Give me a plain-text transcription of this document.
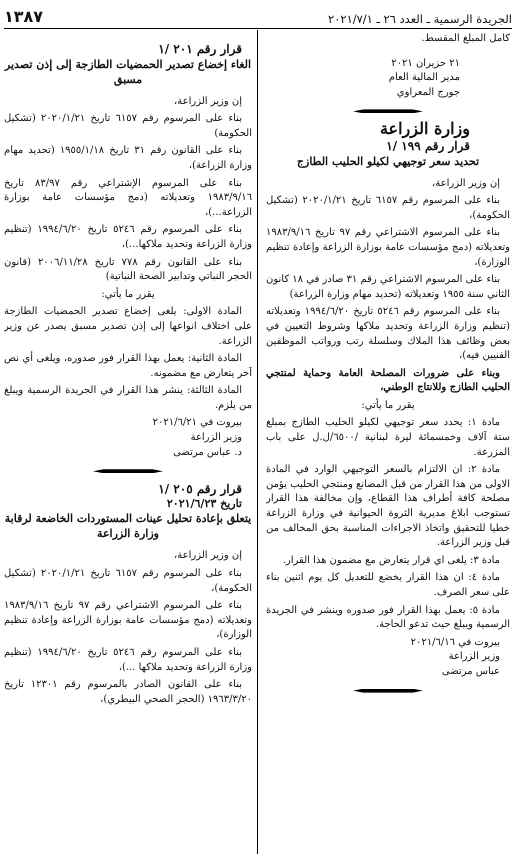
الجريدة الرسمية ـ العدد ٢٦ ـ ٢٠٢١/٧/١
١٣٨٧

كامل المبلغ المقسط.

٢١ حزيران ٢٠٢١
مدير المالية العام
جورج المعراوي
وزارة الزراعة
قرار رقم ١٩٩ /١
تحديد سعر توجيهي لكيلو الحليب الطازج

إن وزير الزراعة،

بناء على المرسوم رقم ٦١٥٧ تاريخ ٢٠٢٠/١/٢١ (تشكيل الحكومة)،

بناء على المرسوم الاشتراعي رقم ٩٧ تاريخ ١٩٨٣/٩/١٦ وتعديلاته (دمج مؤسسات عامة بوزارة الزراعة وإعادة تنظيم الوزارة)،

بناء على المرسوم الاشتراعي رقم ٣١ صادر في ١٨ كانون الثاني سنة ١٩٥٥ وتعديلاته (تحديد مهام وزارة الزراعة)

بناء على المرسوم رقم ٥٢٤٦ تاريخ ١٩٩٤/٦/٢٠ وتعديلاته (تنظيم وزارة الزراعة وتحديد ملاكها وشروط التعيين في بعض وظائف هذا الملاك وسلسلة رتب ورواتب الموظفين الفنيين فيه)،

وبناء على ضرورات المصلحة العامة وحماية لمنتجي الحليب الطازج وللانتاج الوطني،

يقرر ما يأتي:

مادة ١: يحدد سعر توجيهي لكيلو الحليب الطازج بمبلغ ستة آلاف وخمسمائة ليرة لبنانية /٦٥٠٠/ل.ل على باب المزرعة.

مادة ٢: ان الالتزام بالسعر التوجيهي الوارد في المادة الاولى من هذا القرار من قبل المصانع ومنتجي الحليب يؤمن مصلحة كافة أطراف هذا القطاع، وإن مخالفة هذا القرار تستوجب ابلاغ مديرية الثروة الحيوانية في وزارة الزراعة خطيا للتحقيق واتخاذ الاجراءات المناسبة بحق المخالف من قبل وزير الزراعة.

مادة ٣: يلغى اي قرار يتعارض مع مضمون هذا القرار.

مادة ٤: ان هذا القرار يخضع للتعديل كل يوم اثنين بناء على سعر الصرف.

مادة ٥: يعمل بهذا القرار فور صدوره وينشر في الجريدة الرسمية ويبلغ حيث تدعو الحاجة.

بيروت في ٢٠٢١/٦/١٦
وزير الزراعة
عباس مرتضى
قرار رقم ٢٠١ /١
الغاء إخضاع تصدير الحمضيات الطازجة إلى إذن تصدير مسبق

إن وزير الزراعة،

بناء على المرسوم رقم ٦١٥٧ تاريخ ٢٠٢٠/١/٢١ (تشكيل الحكومة)

بناء على القانون رقم ٣١ تاريخ ١٩٥٥/١/١٨ (تحديد مهام وزارة الزراعة)،

بناء على المرسوم الإشتراعي رقم ٨٣/٩٧ تاريخ ١٩٨٣/٩/١٦ وتعديلاته (دمج مؤسسات عامة بوزارة الزراعة...)،

بناء على المرسوم رقم ٥٢٤٦ تاريخ ١٩٩٤/٦/٢٠ (تنظيم وزارة الزراعة وتحديد ملاكها...)،

بناء على القانون رقم ٧٧٨ تاريخ ٢٠٠٦/١١/٢٨ (قانون الحجر النباتي وتدابير الصحة النباتية)

يقرر ما يأتي:

المادة الاولى: يلغى إخضاع تصدير الحمضيات الطازجة على اختلاف انواعها إلى إذن تصدير مسبق يصدر عن وزير الزراعة.

المادة الثانية: يعمل بهذا القرار فور صدوره، ويلغى أي نص آخر يتعارض مع مضمونه.

المادة الثالثة: ينشر هذا القرار في الجريدة الرسمية ويبلغ من يلزم.

بيروت في ٢٠٢١/٦/٢١
وزير الزراعة
د. عباس مرتضى
قرار رقم ٢٠٥ /١
تاريخ ٢٠٢١/٦/٢٣
يتعلق بإعادة تحليل عينات المستوردات الخاضعة لرقابة وزارة الزراعة

إن وزير الزراعة،

بناء على المرسوم رقم ٦١٥٧ تاريخ ٢٠٢٠/١/٢١ (تشكيل الحكومة)،

بناء على المرسوم الاشتراعي رقم ٩٧ تاريخ ١٩٨٣/٩/١٦ وتعديلاته (دمج مؤسسات عامة بوزارة الزراعة وإعادة تنظيم الوزارة)،

بناء على المرسوم رقم ٥٢٤٦ تاريخ ١٩٩٤/٦/٢٠ (تنظيم وزارة الزراعة وتحديد ملاكها ...)،

بناء على القانون الصادر بالمرسوم رقم ١٢٣٠١ تاريخ ١٩٦٣/٣/٢٠ (الحجر الصحي البيطري)،
